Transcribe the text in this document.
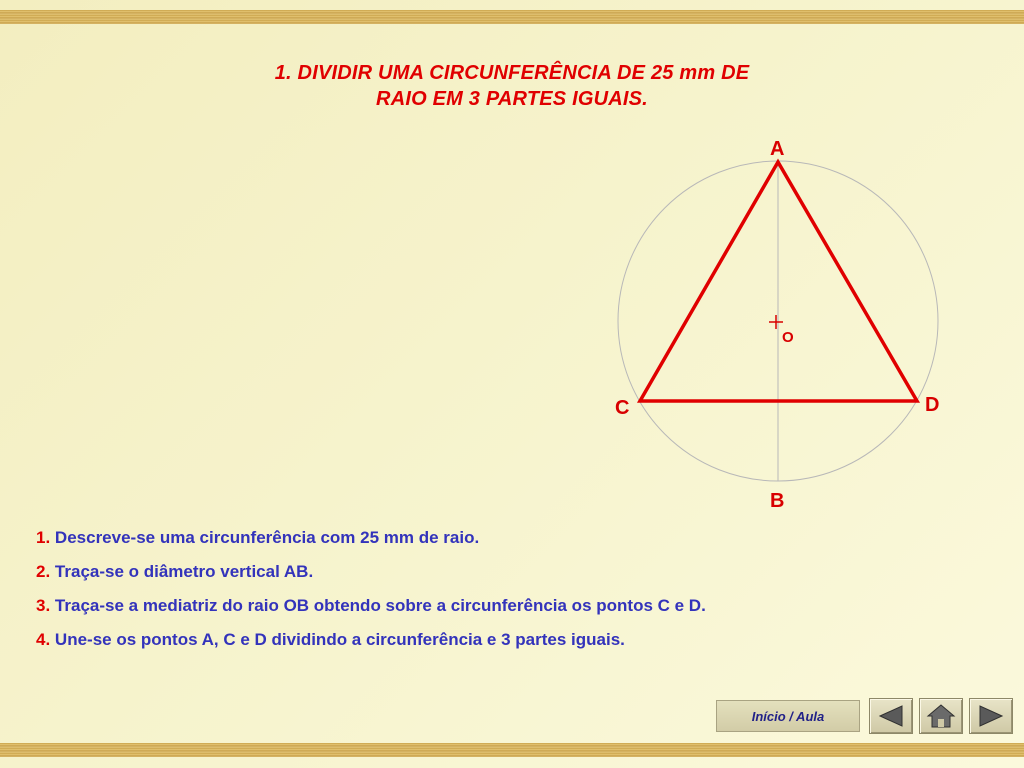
1. DIVIDIR UMA CIRCUNFERÊNCIA DE 25 mm DE
RAIO EM 3 PARTES IGUAIS.
A
B
C	D
O
1. Descreve-se uma circunferência com 25 mm de raio.
2. Traça-se o diâmetro vertical AB.
3. Traça-se a mediatriz do raio OB obtendo sobre a circunferência os pontos C e D.
4. Une-se os pontos A, C e D dividindo a circunferência e 3 partes iguais.
Início / Aula
